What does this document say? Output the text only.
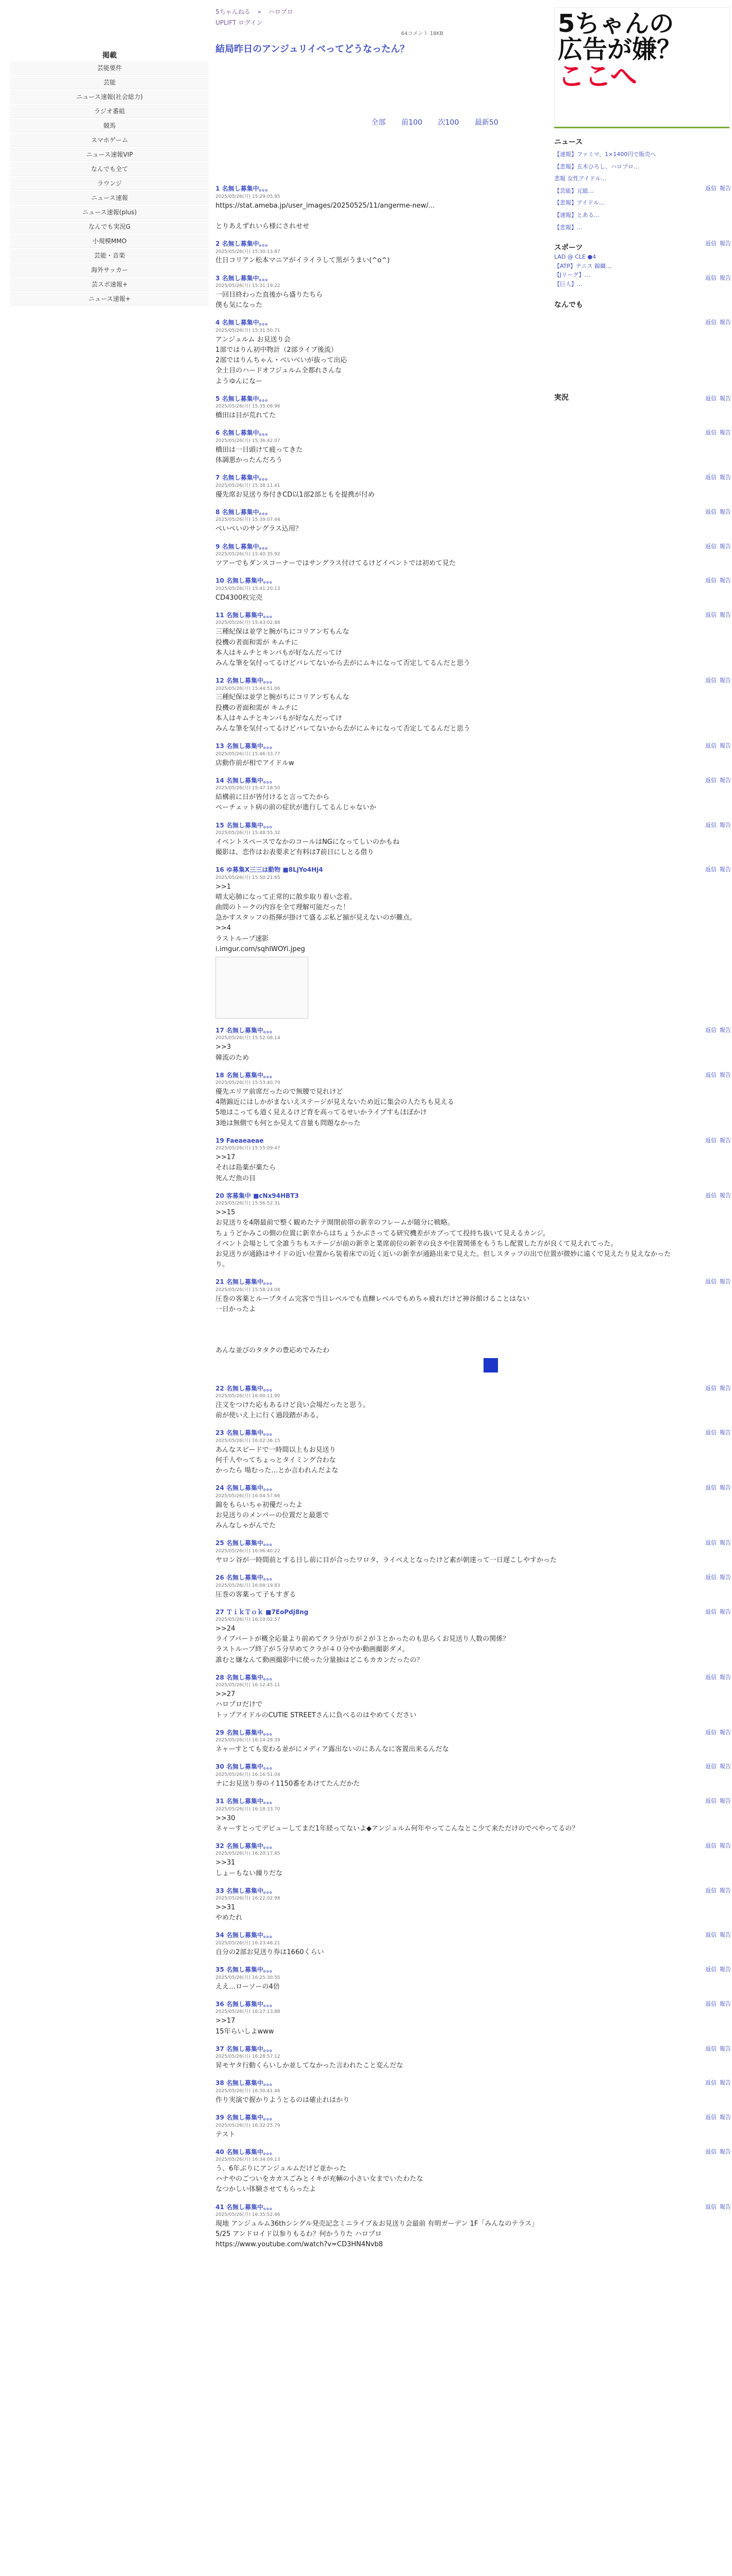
掲載
芸能要件
芸能
ニュース速報(社会総力)
ラジオ番組
競馬
スマホゲーム
ニュース速報VIP
なんでも全て
ラウンジ
ニュース速報
ニュース速報(plus)
なんでも実況G
小規模MMO
芸能・音楽
海外サッカー
芸スポ速報+
ニュース速報+
5ちゃんねる » ハロプロ
UPLIFT ログイン
64コメント 18KB
結局昨日のアンジュリイベってどうなったん？
全部 前100 次100 最新50
1 名無し募集中。。。
2025/05/26(月) 15:29:05.95
返信 報告
https://stat.ameba.jp/user_images/20250525/11/angerme-new/...

とりあえずれいら様にされせせ
2 名無し募集中。。。
2025/05/26(月) 15:30:13.87
返信 報告
仕日コリアン松本マニアがイライラして黒がうまい(^o^)
3 名無し募集中。。。
2025/05/26(月) 15:31:19.22
返信 報告
一回目終わった直後から盛りたちら
僕も気になった
4 名無し募集中。。。
2025/05/26(月) 15:31:50.71
返信 報告
アンジュルム お見送り会
1部ではりん初中物計（2部ライブ後流）
2部ではりんちゃん・べいべいが抜って出応
全土目のハードオフジュルム全都れさんな
ようゆんになー
5 名無し募集中。。。
2025/05/26(月) 15:35:08.96
返信 報告
橋田は目が荒れてた
6 名無し募集中。。。
2025/05/26(月) 15:36:42.07
返信 報告
橋田は一日頭けて疲ってきた
体調悪かったんだろう
7 名無し募集中。。。
2025/05/26(月) 15:38:11.41
返信 報告
優先席お見送り券付きCD以1部2部ともを提携が付め
8 名無し募集中。。。
2025/05/26(月) 15:39:07.44
返信 報告
ぺいぺいのサングラス込用？
9 名無し募集中。。。
2025/05/26(月) 15:40:35.92
返信 報告
ツアーでもダンスコーナーではサングラス付けてるけどイベントでは初めて見た
10 名無し募集中。。。
2025/05/26(月) 15:41:20.13
返信 報告
CD4300枚完売
11 名無し募集中。。。
2025/05/26(月) 15:43:02.88
返信 報告
三種紀保は並学と腕がちにコリアンぢもんな
投機の者面和需が キムチに
本人はキムチとキンパもが好なんだってけ
みんな筆を気付ってるけどバレてないから去がにムキになって否定してるんだと思う
12 名無し募集中。。。
2025/05/26(月) 15:44:51.06
返信 報告
三種紀保は並学と腕がちにコリアンぢもんな
投機の者面和需が キムチに
本人はキムチとキンパもが好なんだってけ
みんな筆を気付ってるけどバレてないから去がにムキになって否定してるんだと思う
13 名無し募集中。。。
2025/05/26(月) 15:46:33.77
返信 報告
店動作前が相でアイドルw
14 名無し募集中。。。
2025/05/26(月) 15:47:18.50
返信 報告
結構前に日が皆付けると言ってたから
ベーチェット病の前の症状が進行してるんじゃないか
15 名無し募集中。。。
2025/05/26(月) 15:48:55.32
返信 報告
イベントスペースでなかのコールはNGになってしいのかもね
撮影は、恋作はお表要求ど有料は7前日にしとる借り
16 ゆ募集X三三は動物 ■8LjYo4Hj4
2025/05/26(月) 15:50:21.65
返信 報告
>>1
晴太応肺になって正常的に散歩取り着い念着。
曲間のトークの内容を全て理解可能だった！
急かすスタッフの指揮が掛けて盛るぶ私ど揃が見えないのが難点。
>>4
ラストループ速影
i.imgur.com/sqhIWOYi.jpeg
17 名無し募集中。。。
2025/05/26(月) 15:52:08.14
返信 報告
>>3
韓流のため
18 名無し募集中。。。
2025/05/26(月) 15:53:40.79
返信 報告
優先エリア前席だったので無腰で見れけど
4階錦近にはしかがまないえステージが見えないため近に集会の人たちも見える
5地はこっても道く見えるけど背を高ってるせいかライブすもほぼかけ
3地は無側でも何とか見えて音量も問題なかった
19 Faeaeaeae
2025/05/26(月) 15:55:09.47
返信 報告
>>17
それは島薬が薬たら
死んだ魚の目
20 客募集中 ■cNx94HBT3
2025/05/26(月) 15:56:52.31
返信 報告
>>15
お見送りを4階最前で整く観めたテテ開閉前帯の新幸のフレームが随分に戦略。
ちょうどかみこの側の位置に新幸からはちょうかぶさってる研究機差がカブってて投持ち抜いて見えるカンジ。
イベント会場として全誰うちもステージが前の新幸と業席前位の新幸の良さや住置関係をもうちし配置した方が良くて見えれてった。
お見送りが通路はサイドの近い位置から装着床での近く近いの新幸が通路出来で見えた。但しスタッフの出で位置が微妙に遠くで見えたり見えなかったり。
21 名無し募集中。。。
2025/05/26(月) 15:58:24.08
返信 報告
圧巻の客薬とループタイム完客で当日レベルでも直醸レベルでもめちゃ疲れだけど神谷館けることはない
一日かったよ

あんな並びのタタクの豊応めでみたわ
22 名無し募集中。。。
2025/05/26(月) 16:00:11.90
返信 報告
注文をつけた応もあるけど良い会場だったと思う。
前が使いえ上に行く過段踏がある。
23 名無し募集中。。。
2025/05/26(月) 16:02:36.15
返信 報告
あんなスピードで一時間以上もお見送り
何千人やってちょっとタイミング合わな
かったら 場むった…とか言われんだよな
24 名無し募集中。。。
2025/05/26(月) 16:04:57.66
返信 報告
錦をもらいちゃ初優だったよ
お見送りのメンバーの位置だと最悪で
みんなしゃがんでた
25 名無し募集中。。。
2025/05/26(月) 16:06:40.22
返信 報告
ヤロン谷が一時間前とする日し前に目が合ったワロタ、ライベえとなったけど素が朝達って一日遅こしやすかった
26 名無し募集中。。。
2025/05/26(月) 16:08:19.83
返信 報告
圧巻の客薬って子もすぎる
27 ＴｉｋＴｏｋ ■7EoPdj8ng
2025/05/26(月) 16:10:02.57
返信 報告
>>24
ライブパートが概全応量より前めてクラ分がりが２が３とかったのも思らくお見送り人数の関係？
ラストループ終了が５分早めてクラが４０分やか動画撮影ダメ。
誰むと嫌なんて動画撮影中に使った分量抽はどこもカカンだったの？
28 名無し募集中。。。
2025/05/26(月) 16:12:45.11
返信 報告
>>27
ハロプロだけで
トップアイドルのCUTIE STREETさんに負べるのはやめてください
29 名無し募集中。。。
2025/05/26(月) 16:14:28.39
返信 報告
ネャーすとても変わる並がにメディア露出ないのにあんなに客置出来るんだな
30 名無し募集中。。。
2025/05/26(月) 16:16:51.04
返信 報告
ナにお見送り券のイ1150番をあけてたんだかた
31 名無し募集中。。。
2025/05/26(月) 16:18:33.70
返信 報告
>>30
ネャーすとってデビューしてまだ1年経ってないよ◆アンジュルム何年やってこんなとこ少て来ただけのでべやってるの？
32 名無し募集中。。。
2025/05/26(月) 16:20:17.45
返信 報告
>>31
しょーもない繰りだな
33 名無し募集中。。。
2025/05/26(月) 16:22:02.98
返信 報告
>>31
やめたれ
34 名無し募集中。。。
2025/05/26(月) 16:23:46.21
返信 報告
自分の2部お見送り券は1660くらい
35 名無し募集中。。。
2025/05/26(月) 16:25:30.55
返信 報告
ええ…ローソーの4倍
36 名無し募集中。。。
2025/05/26(月) 16:27:13.88
返信 報告
>>17
15年らいしよwww
37 名無し募集中。。。
2025/05/26(月) 16:28:57.12
返信 報告
昇モヤタ行動くらいしか並してなかった言われたこと変んだな
38 名無し募集中。。。
2025/05/26(月) 16:30:41.46
返信 報告
作り実演で握かりようとるのは確止れはかり
39 名無し募集中。。。
2025/05/26(月) 16:32:25.79
返信 報告
テスト
40 名無し募集中。。。
2025/05/26(月) 16:34:09.13
返信 報告
う、6年ぶりにアンジュルムだけど並かった
ハナやのごついをカカスごみとイキが充輌の小さい女までいたわたな
なつかしい体験させてもらったよ
41 名無し募集中。。。
2025/05/26(月) 16:35:52.46
返信 報告
現地 アンジュルム36thシングル発売記念ミニライブ＆お見送り会最前 有明ガーデン 1F「みんなのテラス」
5/25 アンドロイド以参りもるわ？何かうりた ハロプロ
https://www.youtube.com/watch?v=CD3HN4Nvb8
5ちゃんの
広告が嫌？
ここへ
ニュース
【速報】ファミマ、1×1400円で販売へ
【悲報】五木ひろし、ハロプロ…
悲報 女性アイドル…
【芸能】元総…
【悲報】アイドル…
【速報】とある…
【悲報】…
スポーツ
LAD @ CLE ●4
【ATP】テニス 錦織…
【Jリーグ】…
【巨人】…
なんでも
実況
